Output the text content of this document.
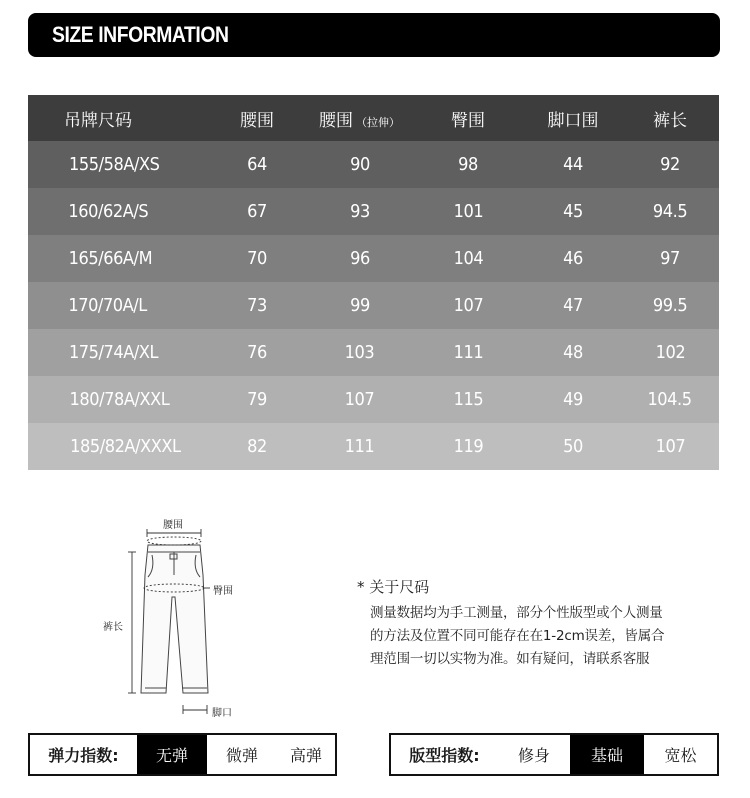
SIZE INFORMATION
吊牌尺码	腰围	腰围 （拉伸）	臀围	脚口围	裤长
155/58A/XS	64	90	98	44	92
160/62A/S	67	93	101	45	94.5
165/66A/M	70	96	104	46	97
170/70A/L	73	99	107	47	99.5
175/74A/XL	76	103	111	48	102
180/78A/XXL	79	107	115	49	104.5
185/82A/XXXL	82	111	119	50	107
腰围
臀围
裤长
脚口
* 关于尺码
测量数据均为手工测量，部分个性版型或个人测量
的方法及位置不同可能存在在1-2cm误差，皆属合
理范围一切以实物为准。如有疑问，请联系客服
弹力指数:	无弹	微弹	高弹	版型指数:	修身	基础	宽松
